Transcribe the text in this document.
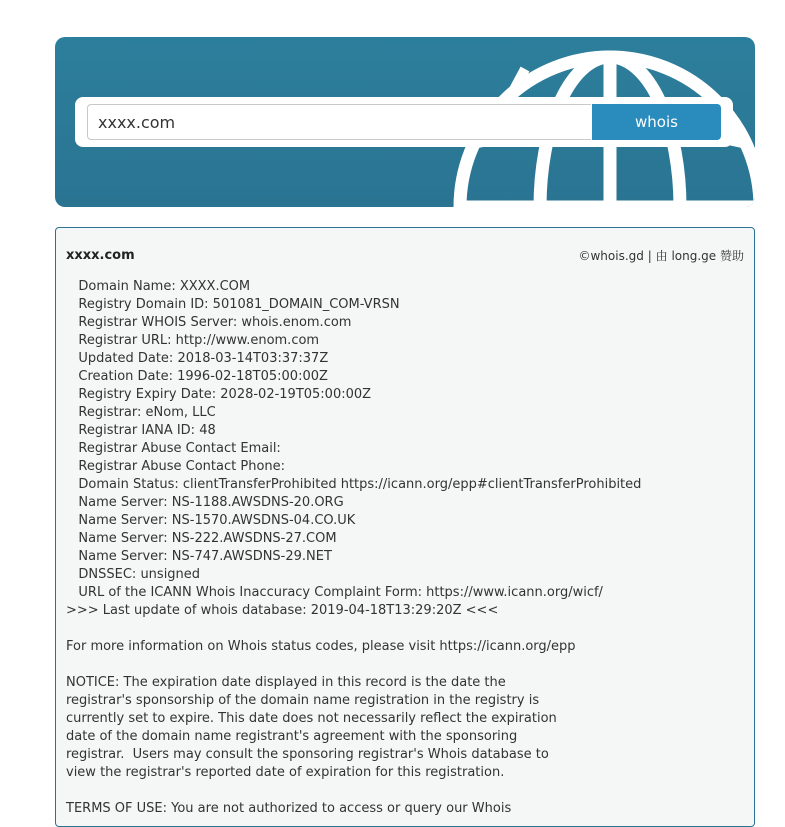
xxxx.com
whois
xxxx.com	©whois.gd | 由 long.ge 赞助
Domain Name: XXXX.COM
Registry Domain ID: 501081_DOMAIN_COM-VRSN
Registrar WHOIS Server: whois.enom.com
Registrar URL: http://www.enom.com
Updated Date: 2018-03-14T03:37:37Z
Creation Date: 1996-02-18T05:00:00Z
Registry Expiry Date: 2028-02-19T05:00:00Z
Registrar: eNom, LLC
Registrar IANA ID: 48
Registrar Abuse Contact Email:
Registrar Abuse Contact Phone:
Domain Status: clientTransferProhibited https://icann.org/epp#clientTransferProhibited
Name Server: NS-1188.AWSDNS-20.ORG
Name Server: NS-1570.AWSDNS-04.CO.UK
Name Server: NS-222.AWSDNS-27.COM
Name Server: NS-747.AWSDNS-29.NET
DNSSEC: unsigned
URL of the ICANN Whois Inaccuracy Complaint Form: https://www.icann.org/wicf/
>>> Last update of whois database: 2019-04-18T13:29:20Z <<<
For more information on Whois status codes, please visit https://icann.org/epp
NOTICE: The expiration date displayed in this record is the date the
registrar's sponsorship of the domain name registration in the registry is
currently set to expire. This date does not necessarily reflect the expiration
date of the domain name registrant's agreement with the sponsoring
registrar.  Users may consult the sponsoring registrar's Whois database to
view the registrar's reported date of expiration for this registration.
TERMS OF USE: You are not authorized to access or query our Whois
